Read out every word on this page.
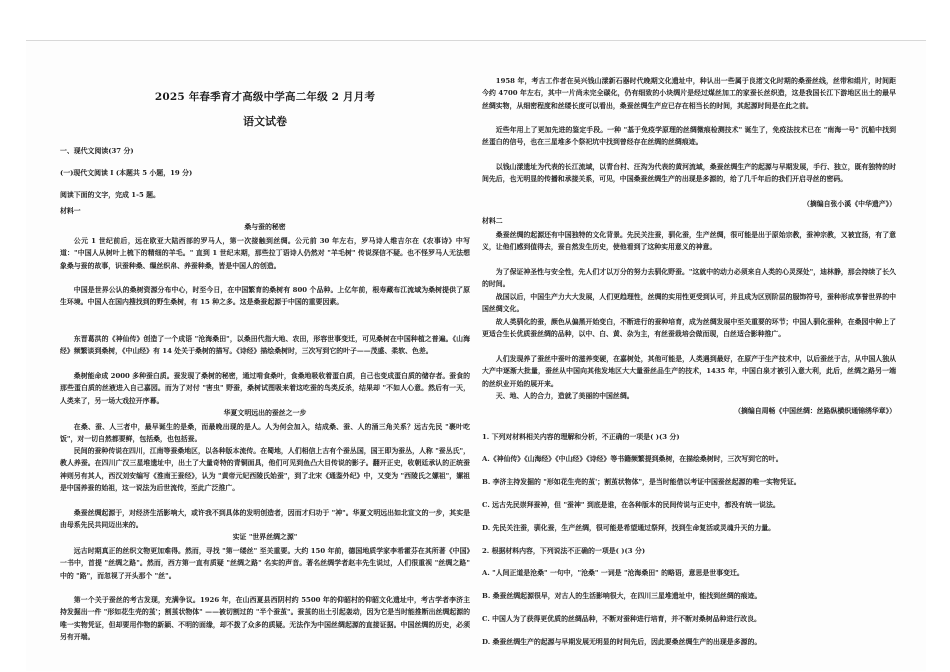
2025 年春季育才高级中学高二年级 2 月月考
语文试卷
一、现代文阅读(37 分)
(一)现代文阅读 I (本题共 5 小题，19 分)
阅读下面的文字，完成 1-5 题。
材料一
桑与蚕的秘密

公元 1 世纪前后，远在欧亚大陆西部的罗马人，第一次接触到丝绸。公元前 30 年左右，罗马诗人维吉尔在《农事诗》中写道："中国人从树叶上梳下的精细的羊毛。" 直到 1 世纪末期，那些拉丁语诗人仍然对 "羊毛树" 传说深信不疑。也不怪罗马人无法想象桑与蚕的故事，识蚕种桑、缫丝织帛、养蚕种桑，皆是中国人的创造。

中国是世界公认的桑树资源分布中心，时至今日，在中国繁育的桑树有 800 个品种。上亿年前，根寿藏布江流域为桑树提供了原生环境。中国人在国内搜找到的野生桑树，有 15 种之多。这是桑蚕起源于中国的重要因素。

东晋葛洪的《神仙传》创造了一个成语 "沧海桑田"，以桑田代指大地、农田，形容世事变迁，可见桑树在中国种植之普遍。《山海经》频繁谈到桑树，《中山经》有 14 处关于桑树的描写。《诗经》描绘桑树时，三次写到它的叶子——茂盛、柔软、色差。

桑树能命成 2000 多种蚕白质。蚕发现了桑树的秘密，通过啃食桑叶，食桑地吸收着蛋白质，自己也变成蛋白质的储存者。蚕食的那些蛋白质的丝液进入自己嘉园。而为了对付 "害虫" 野蚕，桑树试图吸来着这吃蚕的鸟类反杀，结果却 "不如人心意。然后有一天，人类来了，另一场大戏拉开序幕。

华夏文明远出的蚕丝之一步

在桑、蚕、人三者中，最早诞生的是桑，而最晚出现的是人。人为何会加入，结成桑、蚕、人的涌三角关系？远古先民 "裹叶吃饭"，对一切自然都要鲜，包括桑，也包括蚕。

民间的蚕种传说在四川，江南等蚕桑地区，以各种版本流传。在蜀地，人们相信上古有个蚕丛国，国王即为蚕丛，人称 "蚕丛氏"，教人养蚕。在四川广汉三星堆遗址中，出土了大量奇特的青铜面具，他们可见到鱼凸大目传说的影子。翻开正史，收朝廷承认的正统蚕神则另有其人，西汉刘安编写《淮南王蚕经》，认为 "黄帝元妃西陵氏始蚕"，到了北宋《通鉴外纪》中，又变为 "西陵氏之嫘祖"，嫘祖是中国养蚕的始祖，这一说法为后世流传，至此广泛推广。

桑蚕丝绸起源于，对经济生活影响大，或许我不到具体的发明创造者，因而才归功于 "神"。华夏文明远出如北宣文的一步，其实是由母系先民共同迈出来的。

实证 "世界丝绸之源"

远古时期真正的丝织文物更加难得。然而，寻找 "第一缕丝" 至关重要。大约 150 年前，德国地质学家李希霍芬在其所著《中国》一书中，首提 "丝绸之路"。然而，西方第一直有质疑 "丝绸之路" 名实的声音。著名丝绸学者赵丰先生说过，人们很重视 "丝绸之路" 中的 "路"，而忽视了开头那个 "丝"。

第一个关于蚕丝的考古发现，充满争议。1926 年，在山西夏县西阴村约 5500 年的仰韶村的仰韶文化遗址中，考古学者李济主持发掘出一件 "形如花生壳的茧'；割茧状物体" ——被切割过的 "半个蚕茧"。蚕茧的出土引起轰动，因为它是当时能推断出丝绸起源的唯一实物凭证，但却要用作物的新颖、不明的面缘，却不拨了众多的质疑。无法作为中国丝绸起源的直接证据。中国丝绸的历史，必须另有开端。

1958 年，考古工作者在吴兴钱山漾新石器时代晚期文化遗址中，种认出一些属于良渚文化时期的桑蚕丝线，丝带和绢片，时间距今约 4700 年左右，其中一片尚未完全碳化，仍有细致的小块绸片是经过煤丝加工的家蚕长丝织造，这是我国长江下游地区出土的最早丝绸实物，从细密程度和丝缕长度可以看出，桑蚕丝绸生产应已存在相当长的时间，其起源时间是在此之前。

近些年用上了更加先进的鉴定手段。一种 "基于免疫学原理的丝绸微痕检测技术" 诞生了，免疫法技术已在 "南海一号" 沉船中找到丝蛋白的信号，也在三星堆多个祭祀坑中找到曾经存在丝绸的丝绸痕迹。

以钱山漾遗址为代表的长江流域，以青台村、汪沟为代表的黄河流域，桑蚕丝绸生产的起源与早期发展，手行、独立，既有独特的时间先后，也无明显的传播和承接关系，可见，中国桑蚕丝绸生产的出现是多源的，给了几千年后的我们开启寻丝的密码。

（摘编自张小溪《中华遗产》）
材料二

桑蚕丝绸的起源还有中国独特的文化背景。先民关注蚕，驯化蚕，生产丝绸，很可能是出于原始宗教，蚕神宗教，又被宜扬，有了意义，让他们感到值得去，蚕自然发生历史，使他看到了这种实用意义的神意。

为了保证神圣性与安全性，先人们才以万分的努力去驯化野蚕。"这就中的动力必须来自人类的心灵深处"，迪林静，那会持续了长久的时间。

战国以后，中国生产力大大发展，人们更趋理性，丝绸的实用性更受到认可，并且成为区别阶层的服饰符号，蚕种形成享誉世界的中国丝绸文化。

故人类驯化的蚕，颜色从偏黑开始变白，不断进行的蚕种培育，成为丝绸发展中至关重要的环节；中国人驯化蚕种，在桑园中种上了更适合生长优质蚕丝绸的品种，以中、白、黄、杂为主，有丝蚕栽培会做而现，白丝适合影种推广。

人们发现养了蚕丝中蚕叶的滋养变硬，在嘉树处，其他可能是，人类遇到最好，在原产于生产技术中，以后蚕丝于古，从中国人独从大产中逐渐大批量，蚕丝从中国向其他发地区大大量蚕丝品生产的技术，1435 年，中国白泉才被引入意大利，此后，丝绸之路另一端的丝织业开始的展开来。

天、地、人的合力，造就了美丽的中国丝绸。

（摘编自周畅《中国丝绸：丝路纵横织通锦绣华章》）
1. 下列对材料相关内容的理解和分析，不正确的一项是( )(3 分)
A.《神仙传》《山海经》《中山经》《诗经》等书籍频繁提到桑树，在描绘桑树时，三次写到它的叶。
B. 李济主持发掘的 "形如花生壳的茧'；割茧状物体"，是当时能借以考证中国蚕丝起源的唯一实物凭证。
C. 远古先民崇拜蚕神，但 "蚕神" 到底是谁，在各种版本的民间传说与正史中，都没有统一说法。
D. 先民关注蚕，驯化蚕，生产丝绸，很可能是希望通过祭拜，找到生命复活或灵魂升天的力量。
2. 根据材料内容，下列说法不正确的一项是( )(3 分)
A. "人间正道是沧桑" 一句中，"沧桑" 一词是 "沧海桑田" 的略语，意思是世事变迁。
B. 桑蚕丝绸起源很早，对古人的生活影响很大，在四川三星堆遗址中，能找到丝绸的痕迹。
C. 中国人为了获得更优质的丝绸品种，不断对蚕种进行培育，并不断对桑树品种进行改良。
D. 桑蚕丝绸生产的起源与早期发展无明显的时间先后，因此要桑丝绸生产的出现是多源的。
